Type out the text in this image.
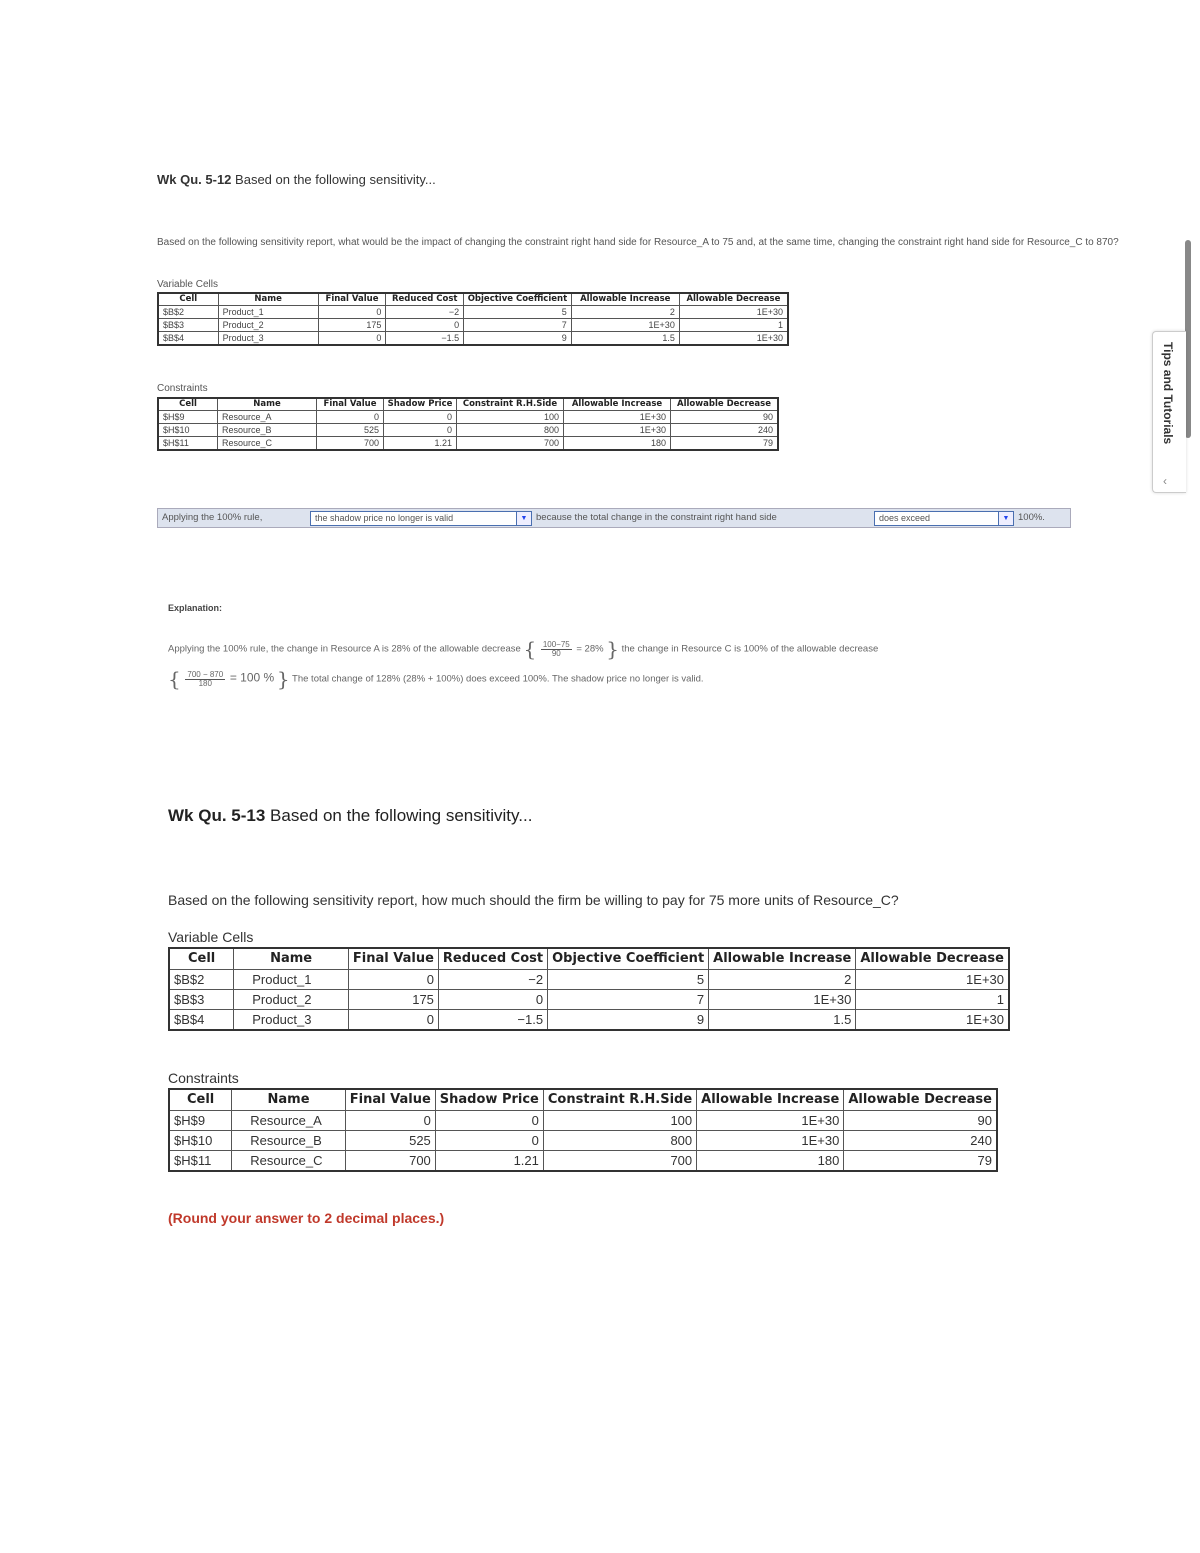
Wk Qu. 5-12 Based on the following sensitivity...
Based on the following sensitivity report, what would be the impact of changing the constraint right hand side for Resource_A to 75 and, at the same time, changing the constraint right hand side for Resource_C to 870?
Variable Cells
Cell	Name	Final Value	Reduced Cost	Objective Coefficient	Allowable Increase	Allowable Decrease
$B$2	Product_1	0	−2	5	2	1E+30
$B$3	Product_2	175	0	7	1E+30	1
$B$4	Product_3	0	−1.5	9	1.5	1E+30
Constraints
Cell	Name	Final Value	Shadow Price	Constraint R.H.Side	Allowable Increase	Allowable Decrease
$H$9	Resource_A	0	0	100	1E+30	90
$H$10	Resource_B	525	0	800	1E+30	240
$H$11	Resource_C	700	1.21	700	180	79
Applying the 100% rule,	the shadow price no longer is valid	▼ because the total change in the constraint right hand side	does exceed	▼ 100%.
Explanation:
Applying the 100% rule, the change in Resource A is 28% of the allowable decrease { $\frac{100-75}{90} = 28\%$ } the change in Resource C is 100% of the allowable decrease
{ $\frac{700 - 870}{180} = 100$ % } The total change of 128% (28% + 100%) does exceed 100%. The shadow price no longer is valid.
Wk Qu. 5-13 Based on the following sensitivity...
Based on the following sensitivity report, how much should the firm be willing to pay for 75 more units of Resource_C?
Variable Cells
Cell	Name	Final Value	Reduced Cost	Objective Coefficient	Allowable Increase	Allowable Decrease
$B$2	Product_1	0	−2	5	2	1E+30
$B$3	Product_2	175	0	7	1E+30	1
$B$4	Product_3	0	−1.5	9	1.5	1E+30
Constraints
Cell	Name	Final Value	Shadow Price	Constraint R.H.Side	Allowable Increase	Allowable Decrease
$H$9	Resource_A	0	0	100	1E+30	90
$H$10	Resource_B	525	0	800	1E+30	240
$H$11	Resource_C	700	1.21	700	180	79
(Round your answer to 2 decimal places.)
Tips and Tutorials
‹
